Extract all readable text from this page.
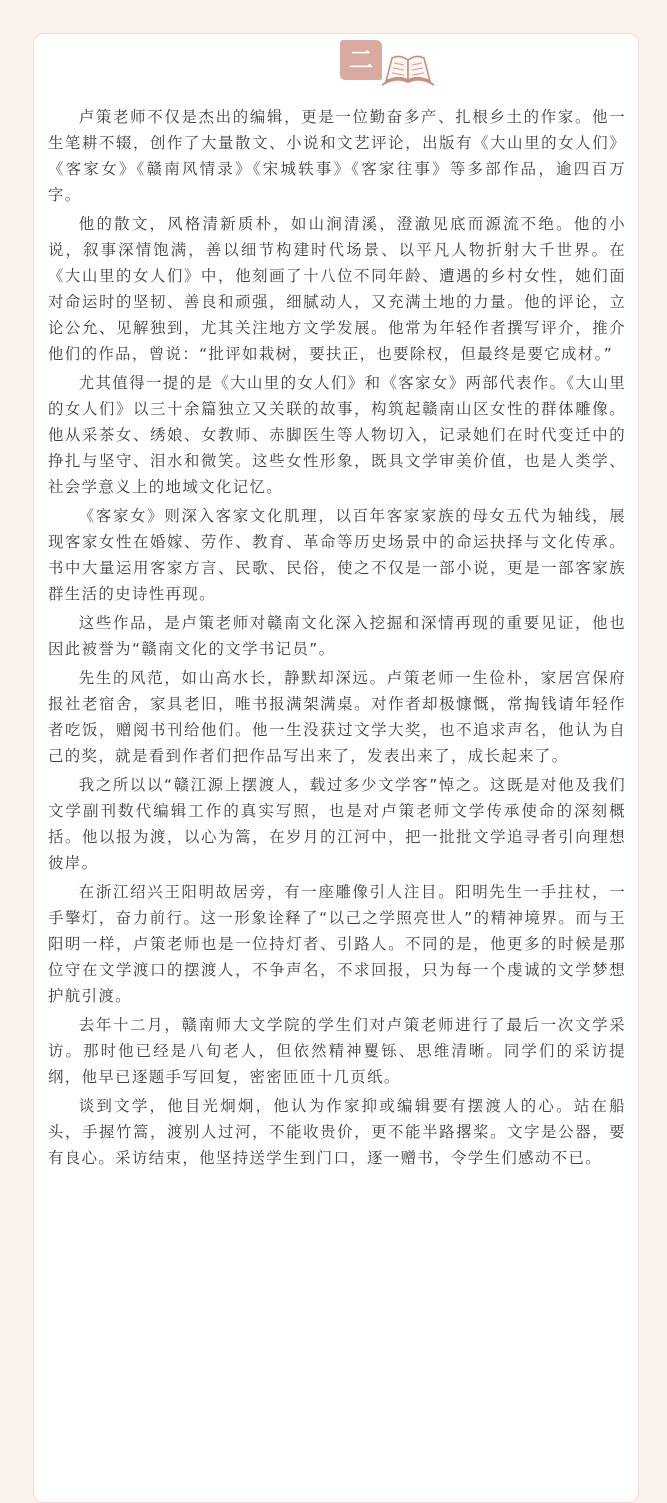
二

卢策老师不仅是杰出的编辑，更是一位勤奋多产、扎根乡土的作家。他一生笔耕不辍，创作了大量散文、小说和文艺评论，出版有《大山里的女人们》《客家女》《赣南风情录》《宋城轶事》《客家往事》等多部作品，逾四百万字。

他的散文，风格清新质朴，如山涧清溪，澄澈见底而源流不绝。他的小说，叙事深情饱满，善以细节构建时代场景、以平凡人物折射大千世界。在《大山里的女人们》中，他刻画了十八位不同年龄、遭遇的乡村女性，她们面对命运时的坚韧、善良和顽强，细腻动人，又充满土地的力量。他的评论，立论公允、见解独到，尤其关注地方文学发展。他常为年轻作者撰写评介，推介他们的作品，曾说：“批评如栽树，要扶正，也要除杈，但最终是要它成材。”

尤其值得一提的是《大山里的女人们》和《客家女》两部代表作。《大山里的女人们》以三十余篇独立又关联的故事，构筑起赣南山区女性的群体雕像。他从采茶女、绣娘、女教师、赤脚医生等人物切入，记录她们在时代变迁中的挣扎与坚守、泪水和微笑。这些女性形象，既具文学审美价值，也是人类学、社会学意义上的地域文化记忆。

《客家女》则深入客家文化肌理，以百年客家家族的母女五代为轴线，展现客家女性在婚嫁、劳作、教育、革命等历史场景中的命运抉择与文化传承。书中大量运用客家方言、民歌、民俗，使之不仅是一部小说，更是一部客家族群生活的史诗性再现。

这些作品，是卢策老师对赣南文化深入挖掘和深情再现的重要见证，他也因此被誉为“赣南文化的文学书记员”。

先生的风范，如山高水长，静默却深远。卢策老师一生俭朴，家居宫保府报社老宿舍，家具老旧，唯书报满架满桌。对作者却极慷慨，常掏钱请年轻作者吃饭，赠阅书刊给他们。他一生没获过文学大奖，也不追求声名，他认为自己的奖，就是看到作者们把作品写出来了，发表出来了，成长起来了。

我之所以以“赣江源上摆渡人，载过多少文学客”悼之。这既是对他及我们文学副刊数代编辑工作的真实写照，也是对卢策老师文学传承使命的深刻概括。他以报为渡，以心为篙，在岁月的江河中，把一批批文学追寻者引向理想彼岸。

在浙江绍兴王阳明故居旁，有一座雕像引人注目。阳明先生一手拄杖，一手擎灯，奋力前行。这一形象诠释了“以己之学照亮世人”的精神境界。而与王阳明一样，卢策老师也是一位持灯者、引路人。不同的是，他更多的时候是那位守在文学渡口的摆渡人，不争声名，不求回报，只为每一个虔诚的文学梦想护航引渡。

去年十二月，赣南师大文学院的学生们对卢策老师进行了最后一次文学采访。那时他已经是八旬老人，但依然精神矍铄、思维清晰。同学们的采访提纲，他早已逐题手写回复，密密匝匝十几页纸。

谈到文学，他目光炯炯，他认为作家抑或编辑要有摆渡人的心。站在船头，手握竹篙，渡别人过河，不能收贵价，更不能半路撂桨。文字是公器，要有良心。采访结束，他坚持送学生到门口，逐一赠书，令学生们感动不已。
